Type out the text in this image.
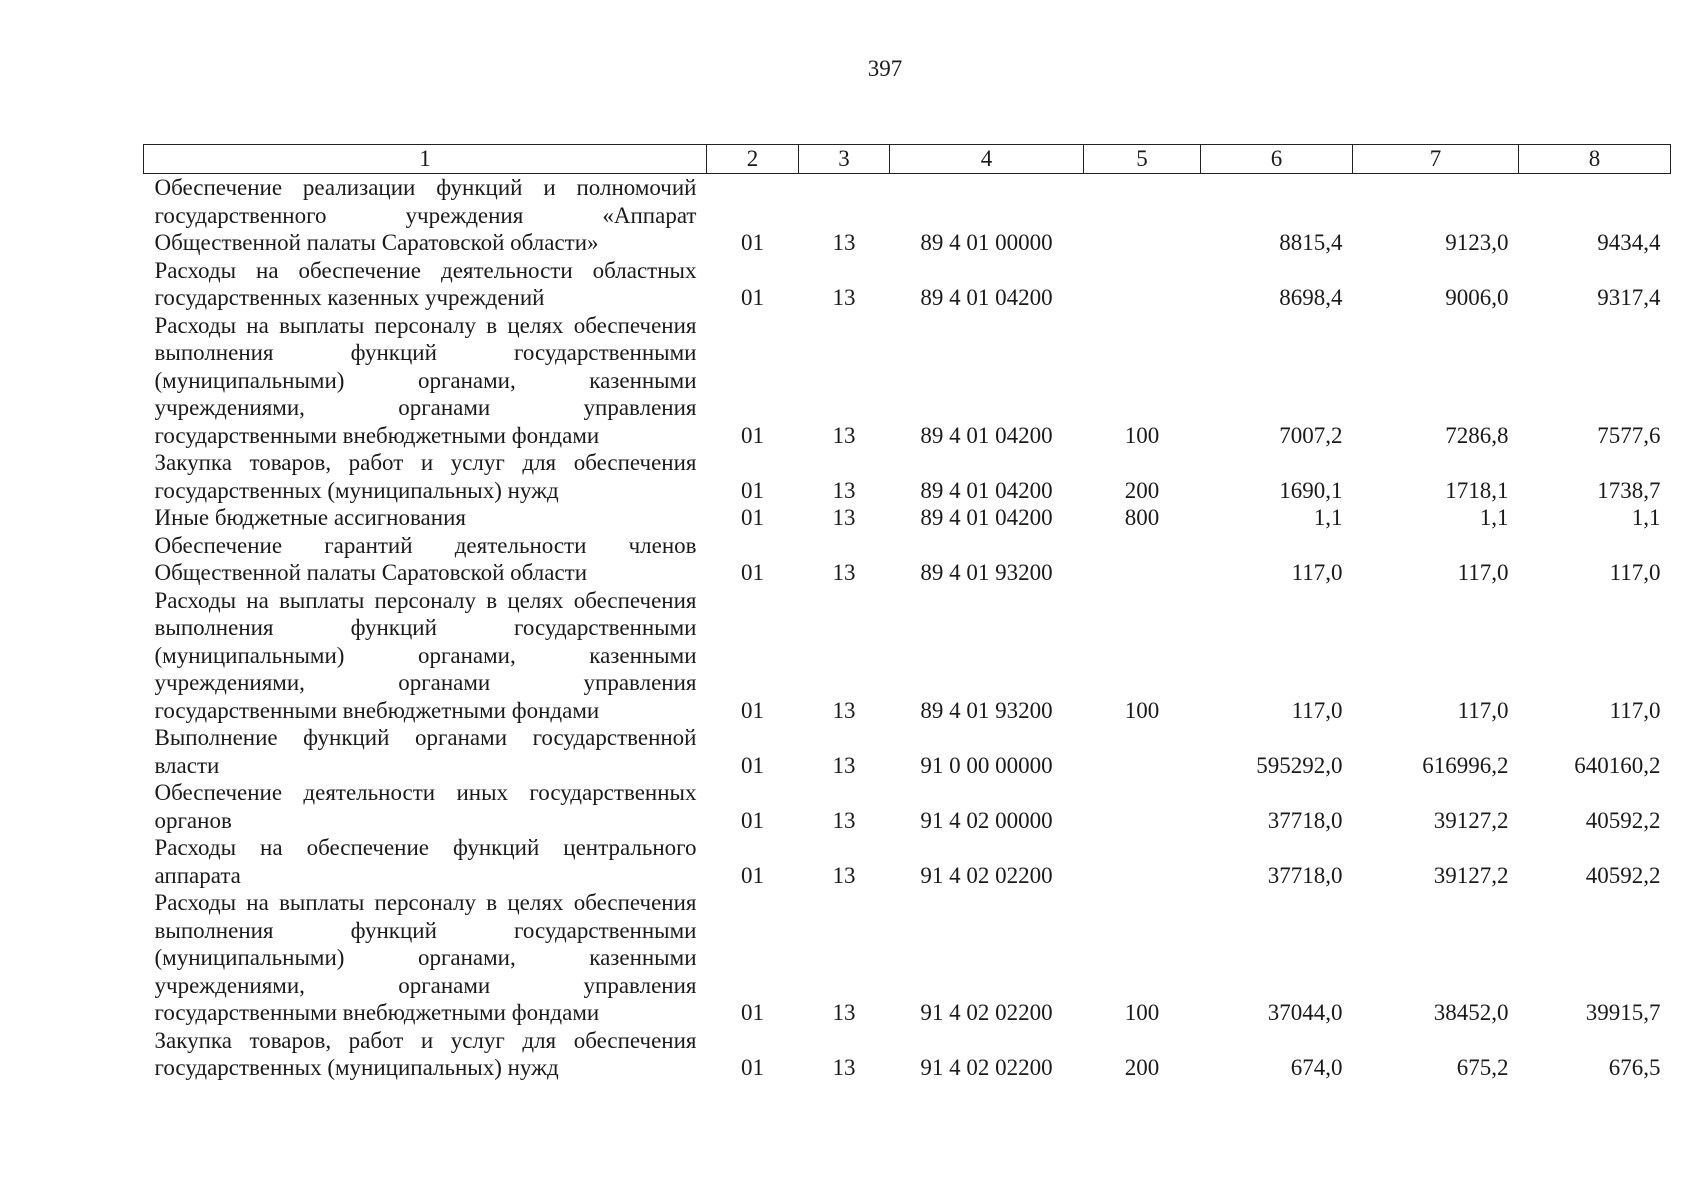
397
1	2	3	4	5	6	7	8
Обеспечение реализации функций и полномочий государственного учреждения «Аппарат Общественной палаты Саратовской области»	01	13	89 4 01 00000		8815,4	9123,0	9434,4
Расходы на обеспечение деятельности областных государственных казенных учреждений	01	13	89 4 01 04200		8698,4	9006,0	9317,4
Расходы на выплаты персоналу в целях обеспечения выполнения функций государственными (муниципальными) органами, казенными учреждениями, органами управления государственными внебюджетными фондами	01	13	89 4 01 04200	100	7007,2	7286,8	7577,6
Закупка товаров, работ и услуг для обеспечения государственных (муниципальных) нужд	01	13	89 4 01 04200	200	1690,1	1718,1	1738,7
Иные бюджетные ассигнования	01	13	89 4 01 04200	800	1,1	1,1	1,1
Обеспечение гарантий деятельности членов Общественной палаты Саратовской области	01	13	89 4 01 93200		117,0	117,0	117,0
Расходы на выплаты персоналу в целях обеспечения выполнения функций государственными (муниципальными) органами, казенными учреждениями, органами управления государственными внебюджетными фондами	01	13	89 4 01 93200	100	117,0	117,0	117,0
Выполнение функций органами государственной власти	01	13	91 0 00 00000		595292,0	616996,2	640160,2
Обеспечение деятельности иных государственных органов	01	13	91 4 02 00000		37718,0	39127,2	40592,2
Расходы на обеспечение функций центрального аппарата	01	13	91 4 02 02200		37718,0	39127,2	40592,2
Расходы на выплаты персоналу в целях обеспечения выполнения функций государственными (муниципальными) органами, казенными учреждениями, органами управления государственными внебюджетными фондами	01	13	91 4 02 02200	100	37044,0	38452,0	39915,7
Закупка товаров, работ и услуг для обеспечения государственных (муниципальных) нужд	01	13	91 4 02 02200	200	674,0	675,2	676,5
